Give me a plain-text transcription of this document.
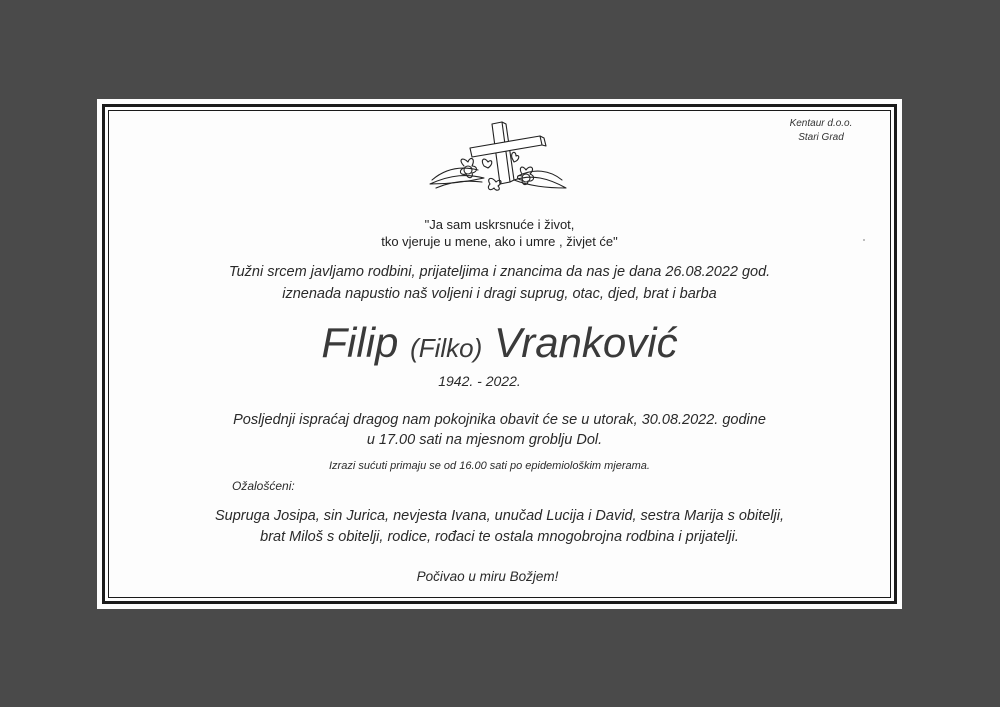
Kentaur d.o.o.
Stari Grad
"Ja sam uskrsnuće i život,
tko vjeruje u mene, ako i umre , živjet će"
Tužni srcem javljamo rodbini, prijateljima i znancima da nas je dana 26.08.2022 god.
iznenada napustio naš voljeni i dragi suprug, otac, djed, brat i barba
Filip (Filko) Vranković
1942. - 2022.
Posljednji ispraćaj dragog nam pokojnika obavit će se u utorak, 30.08.2022. godine
u 17.00 sati na mjesnom groblju Dol.
Izrazi sućuti primaju se od 16.00 sati po epidemiološkim mjerama.
Ožalošćeni:
Supruga Josipa, sin Jurica, nevjesta Ivana, unučad Lucija i David, sestra Marija s obitelji,
brat Miloš s obitelji, rodice, rođaci te ostala mnogobrojna rodbina i prijatelji.
Počivao u miru Božjem!
